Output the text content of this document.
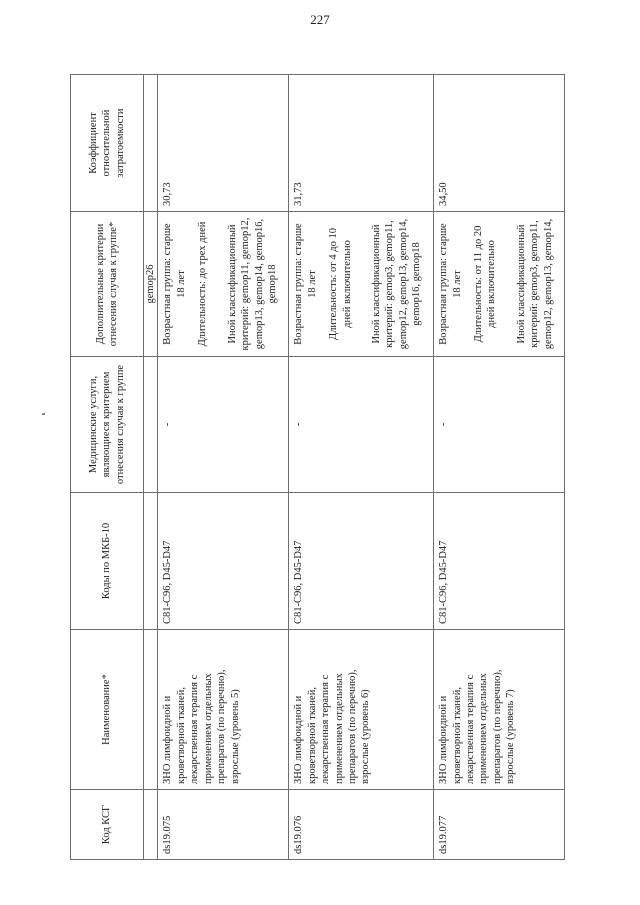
227
Код КСГ	Наименование*	Коды по МКБ-10	Медицинские услуги, являющиеся критерием отнесения случая к группе	Дополнительные критерии отнесения случая к группе*	Коэффициент относительной затратоемкости
				gemop26	
ds19.075	ЗНО лимфоидной и кроветворной тканей, лекарственная терапия с применением отдельных препаратов (по перечню), взрослые (уровень 5)	C81-C96, D45-D47	-	Возрастная группа: старше 18 лет Длительность: до трех дней Иной классификационный критерий: gemop11, gemop12, gemop13, gemop14, gemop16, gemop18	30,73
ds19.076	ЗНО лимфоидной и кроветворной тканей, лекарственная терапия с применением отдельных препаратов (по перечню), взрослые (уровень 6)	C81-C96, D45-D47	-	Возрастная группа: старше 18 лет Длительность: от 4 до 10 дней включительно Иной классификационный критерий: gemop3, gemop11, gemop12, gemop13, gemop14, gemop16, gemop18	31,73
ds19.077	ЗНО лимфоидной и кроветворной тканей, лекарственная терапия с применением отдельных препаратов (по перечню), взрослые (уровень 7)	C81-C96, D45-D47	-	Возрастная группа: старше 18 лет Длительность: от 11 до 20 дней включительно Иной классификационный критерий: gemop3, gemop11, gemop12, gemop13, gemop14,	34,50
